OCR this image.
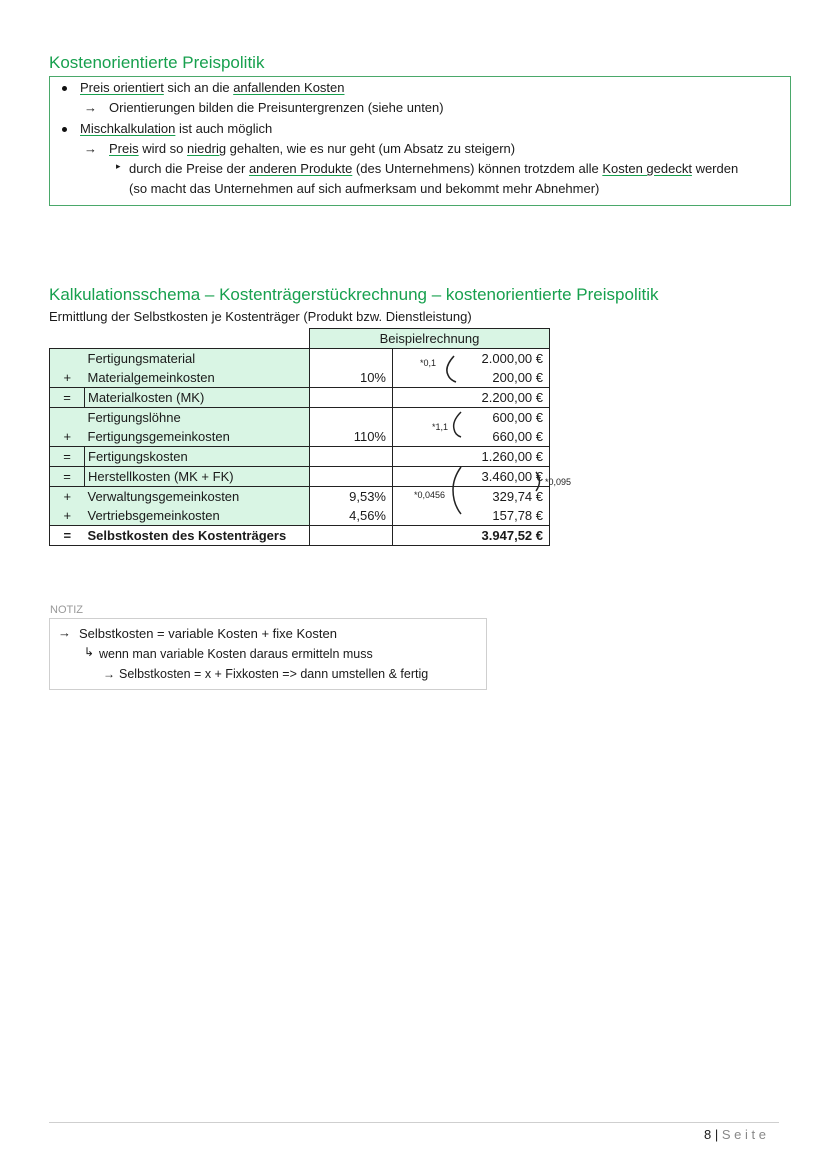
Kostenorientierte Preispolitik
Preis orientiert sich an die anfallenden Kosten
→ Orientierungen bilden die Preisuntergrenzen (siehe unten)
Mischkalkulation ist auch möglich
→ Preis wird so niedrig gehalten, wie es nur geht (um Absatz zu steigern)
▸ durch die Preise der anderen Produkte (des Unternehmens) können trotzdem alle Kosten gedeckt werden
(so macht das Unternehmen auf sich aufmerksam und bekommt mehr Abnehmer)
Kalkulationsschema – Kostenträgerstückrechnung – kostenorientierte Preispolitik
Ermittlung der Selbstkosten je Kostenträger (Produkt bzw. Dienstleistung)
		Beispielrechnung	
	Fertigungsmaterial		2.000,00 €
+	Materialgemeinkosten	10%	200,00 €
=	Materialkosten (MK)		2.200,00 €
	Fertigungslöhne		600,00 €
+	Fertigungsgemeinkosten	110%	660,00 €
=	Fertigungskosten		1.260,00 €
=	Herstellkosten (MK + FK)		3.460,00 €
+	Verwaltungsgemeinkosten	9,53%	329,74 €
+	Vertriebsgemeinkosten	4,56%	157,78 €
=	Selbstkosten des Kostenträgers		3.947,52 €
*0,1
*1,1
*0,0456
*0,095
NOTIZ
→ Selbstkosten = variable Kosten + fixe Kosten
↳ wenn man variable Kosten daraus ermitteln muss
→ Selbstkosten = x + Fixkosten => dann umstellen & fertig
8 | S e i t e
